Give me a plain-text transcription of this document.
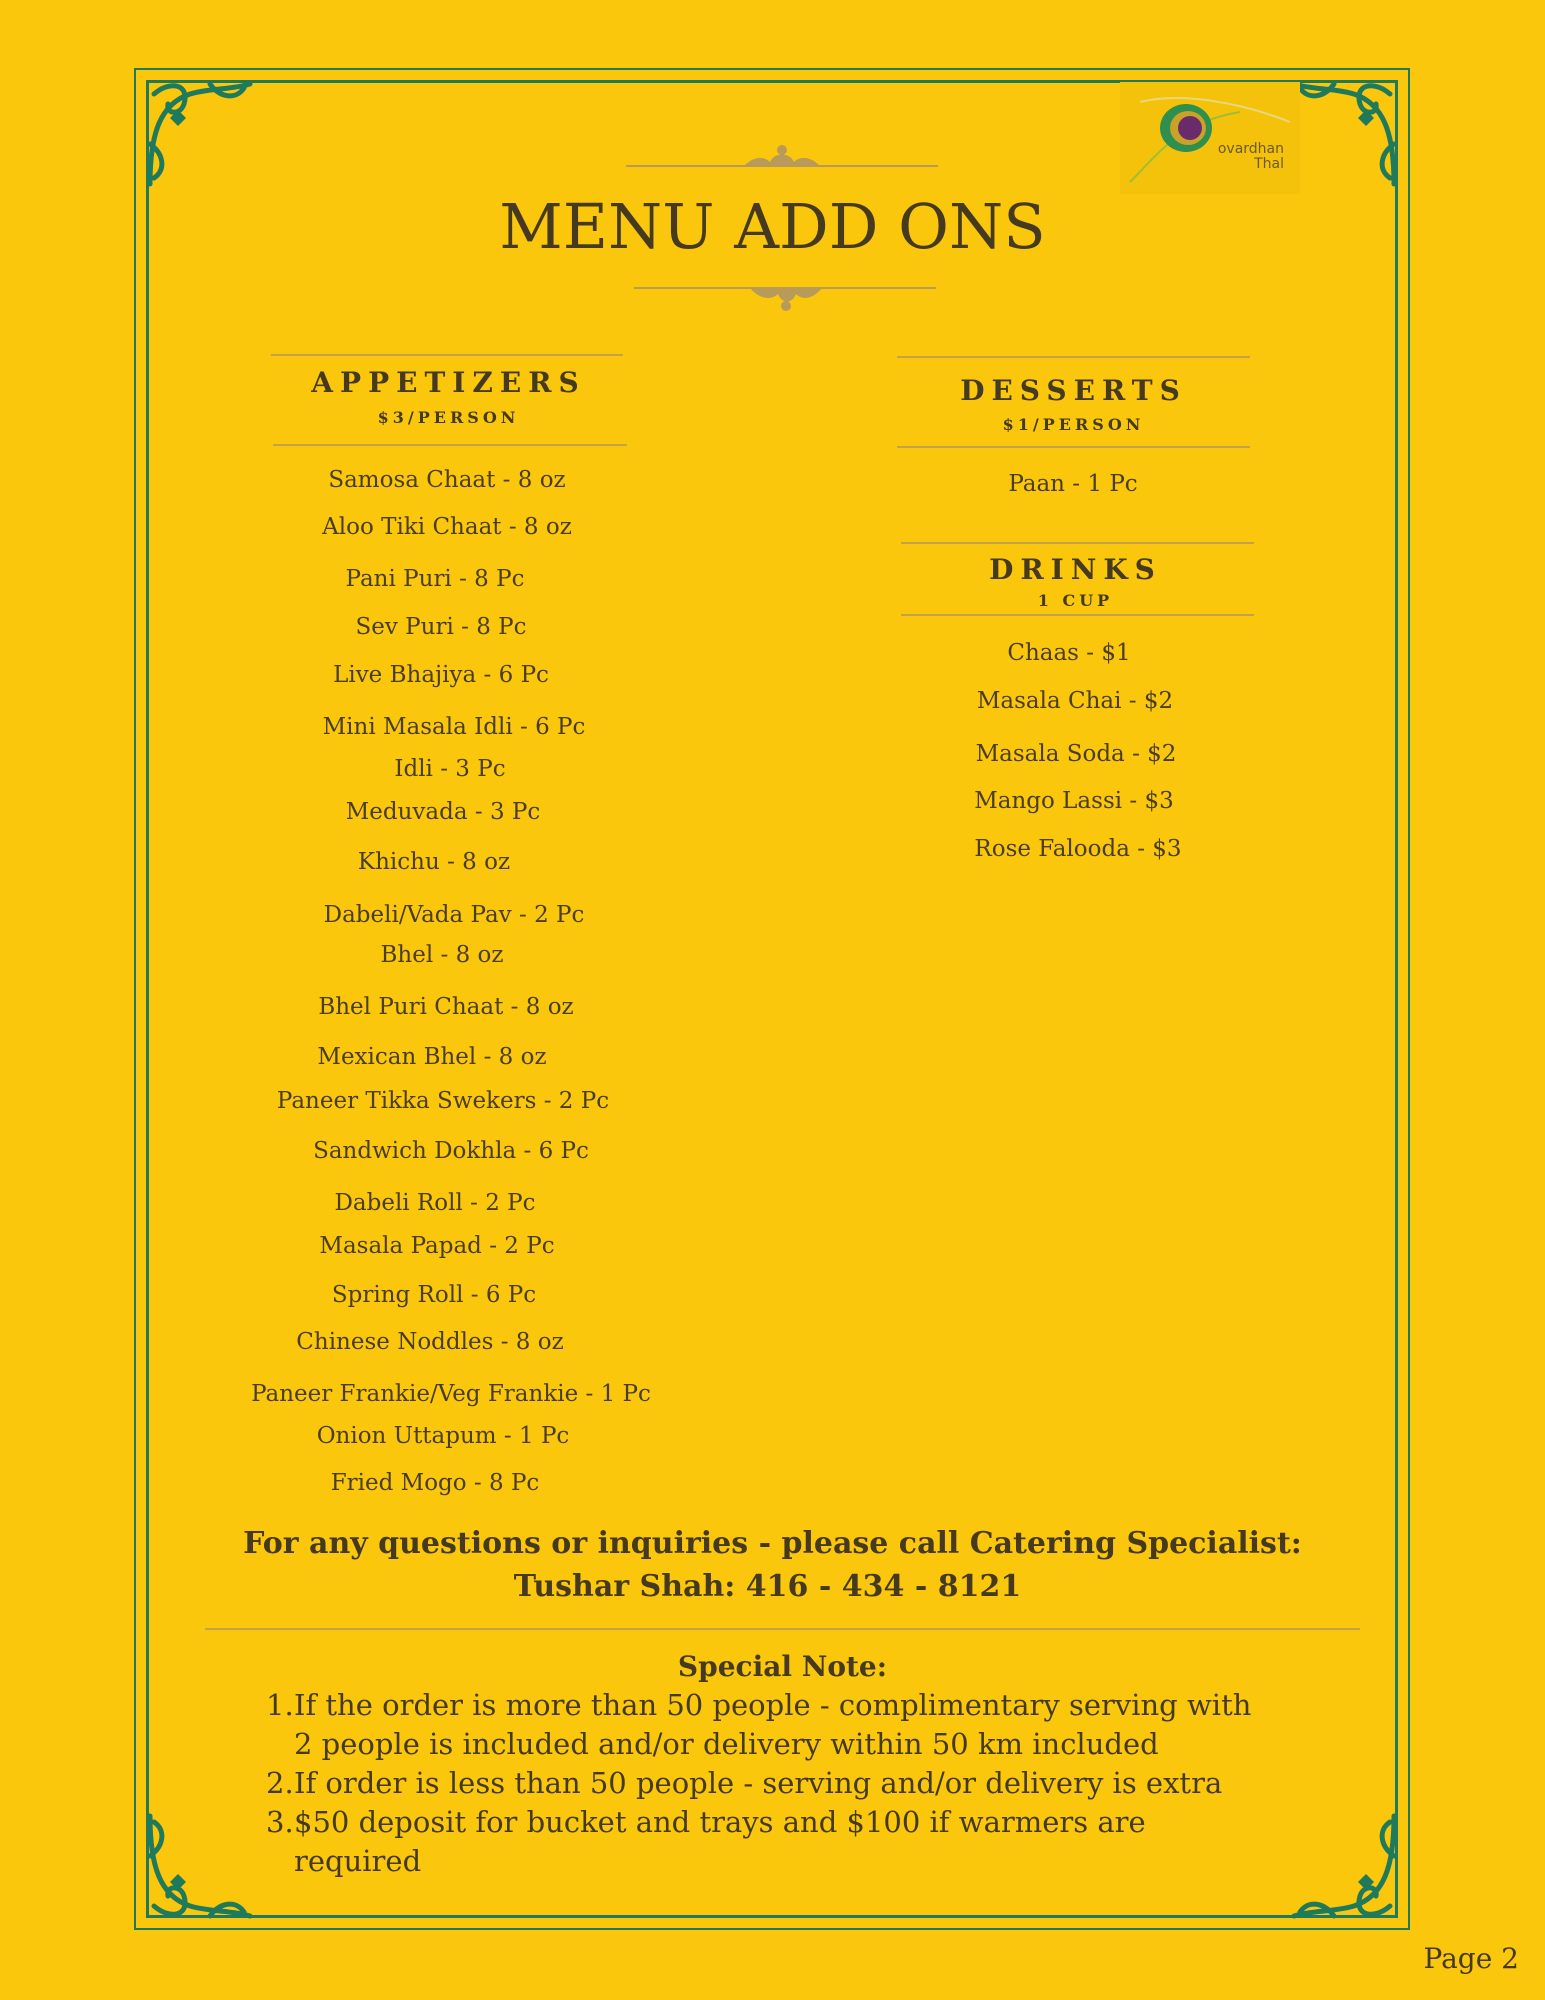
ovardhan
Thal
MENU ADD ONS
APPETIZERS
$3/PERSON
Samosa Chaat - 8 oz
Aloo Tiki Chaat - 8 oz
Pani Puri - 8 Pc
Sev Puri - 8 Pc
Live Bhajiya - 6 Pc
Mini Masala Idli - 6 Pc
Idli - 3 Pc
Meduvada - 3 Pc
Khichu - 8 oz
Dabeli/Vada Pav - 2 Pc
Bhel - 8 oz
Bhel Puri Chaat - 8 oz
Mexican Bhel - 8 oz
Paneer Tikka Swekers - 2 Pc
Sandwich Dokhla - 6 Pc
Dabeli Roll - 2 Pc
Masala Papad - 2 Pc
Spring Roll - 6 Pc
Chinese Noddles - 8 oz
Paneer Frankie/Veg Frankie - 1 Pc
Onion Uttapum - 1 Pc
Fried Mogo - 8 Pc
DESSERTS
$1/PERSON
Paan - 1 Pc
DRINKS
1 CUP
Chaas - $1
Masala Chai - $2
Masala Soda - $2
Mango Lassi - $3
Rose Falooda - $3
For any questions or inquiries - please call Catering Specialist:
Tushar Shah: 416 - 434 - 8121
Special Note:
1. If the order is more than 50 people - complimentary serving with 2 people is included and/or delivery within 50 km included
2. If order is less than 50 people - serving and/or delivery is extra
3. $50 deposit for bucket and trays and $100 if warmers are required
Page 2
